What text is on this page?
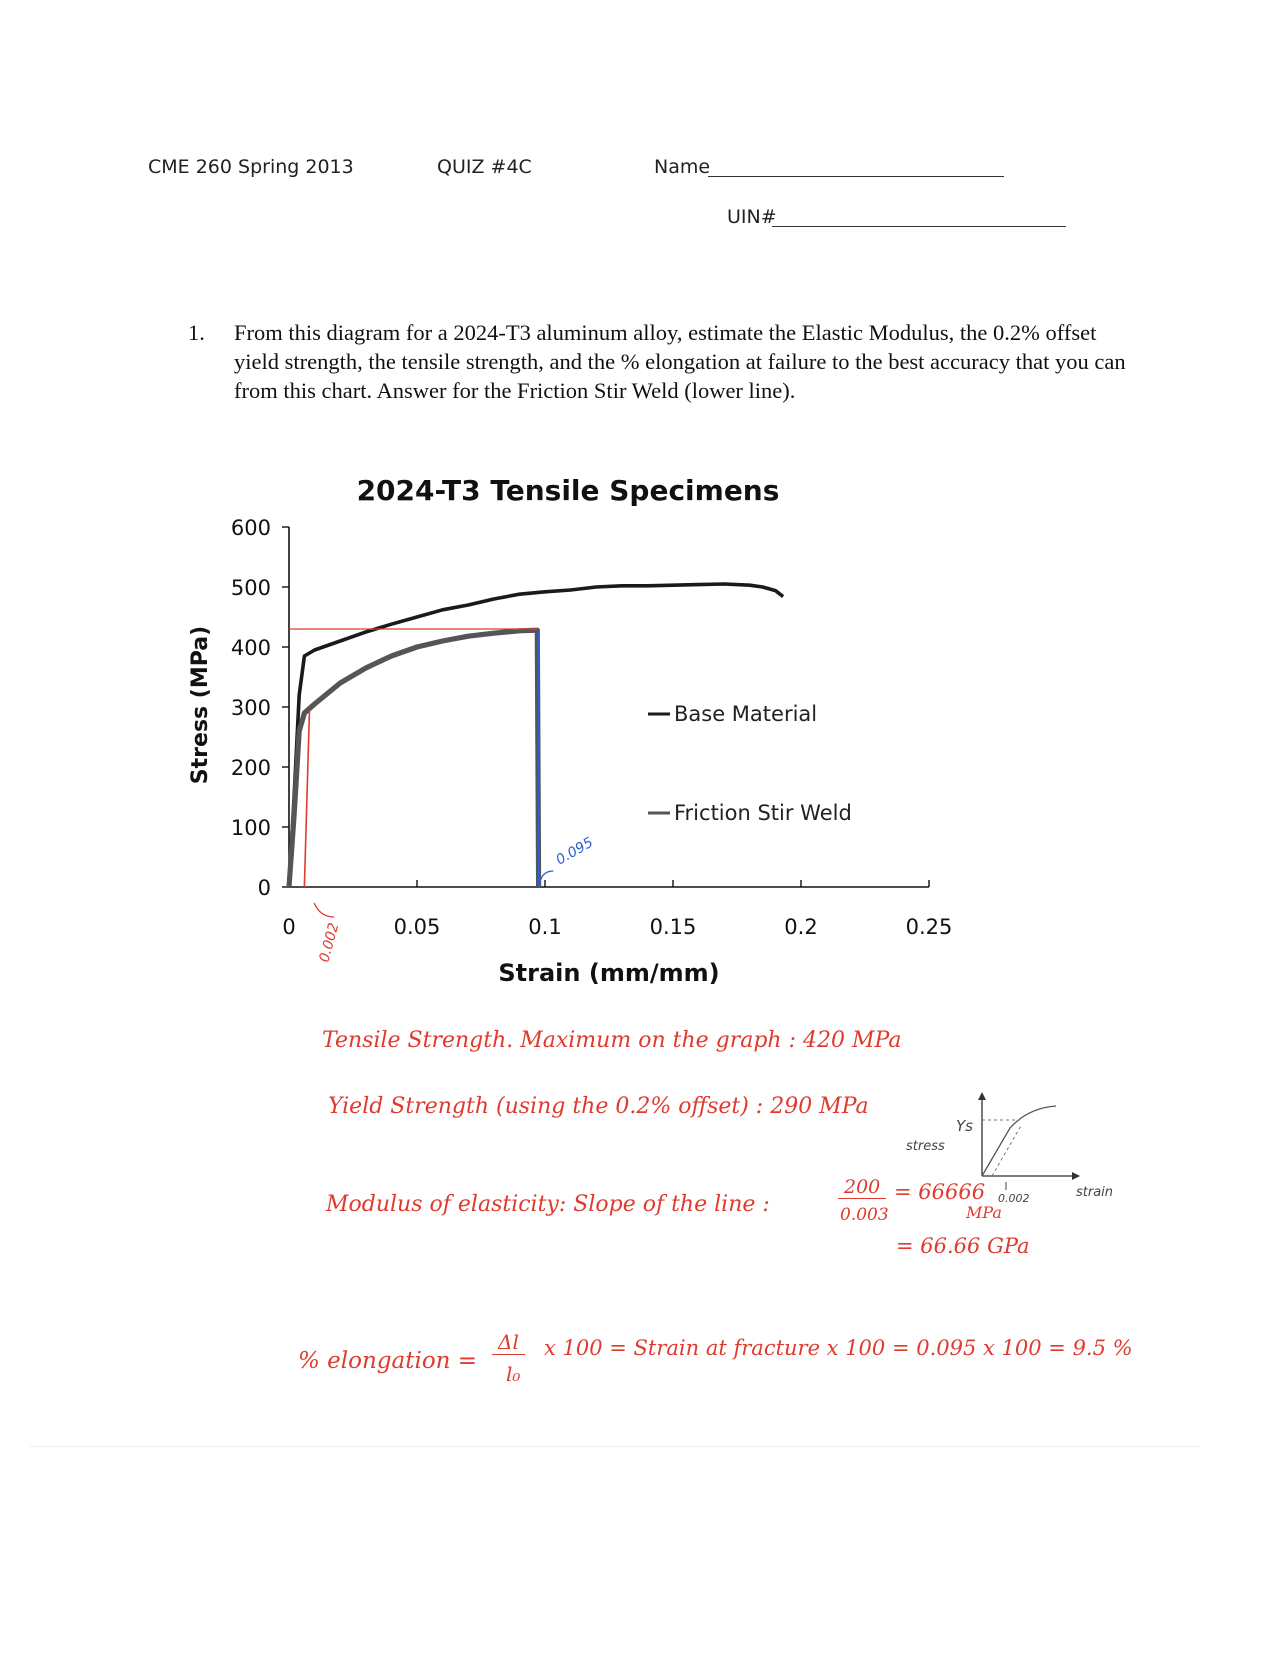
CME 260 Spring 2013	QUIZ #4C	Name
UIN#
1. From this diagram for a 2024-T3 aluminum alloy, estimate the Elastic Modulus, the 0.2% offset yield strength, the tensile strength, and the % elongation at failure to the best accuracy that you can from this chart. Answer for the Friction Stir Weld (lower line).
2024-T3 Tensile Specimens
Stress (MPa)
Strain (mm/mm)
0
100
200
300
400
500
600
0	0.05	0.1	0.15	0.2	0.25
0.002
0.095
Base Material
Friction Stir Weld
Tensile Strength. Maximum on the graph : 420 MPa
Yield Strength (using the 0.2% offset) : 290 MPa
Modulus of elasticity: Slope of the line :
200
0.003
= 66666
MPa
= 66.66 GPa
% elongation =
Δl
l₀
x 100 = Strain at fracture x 100 = 0.095 x 100 = 9.5 %
Ys
stress
strain
0.002
